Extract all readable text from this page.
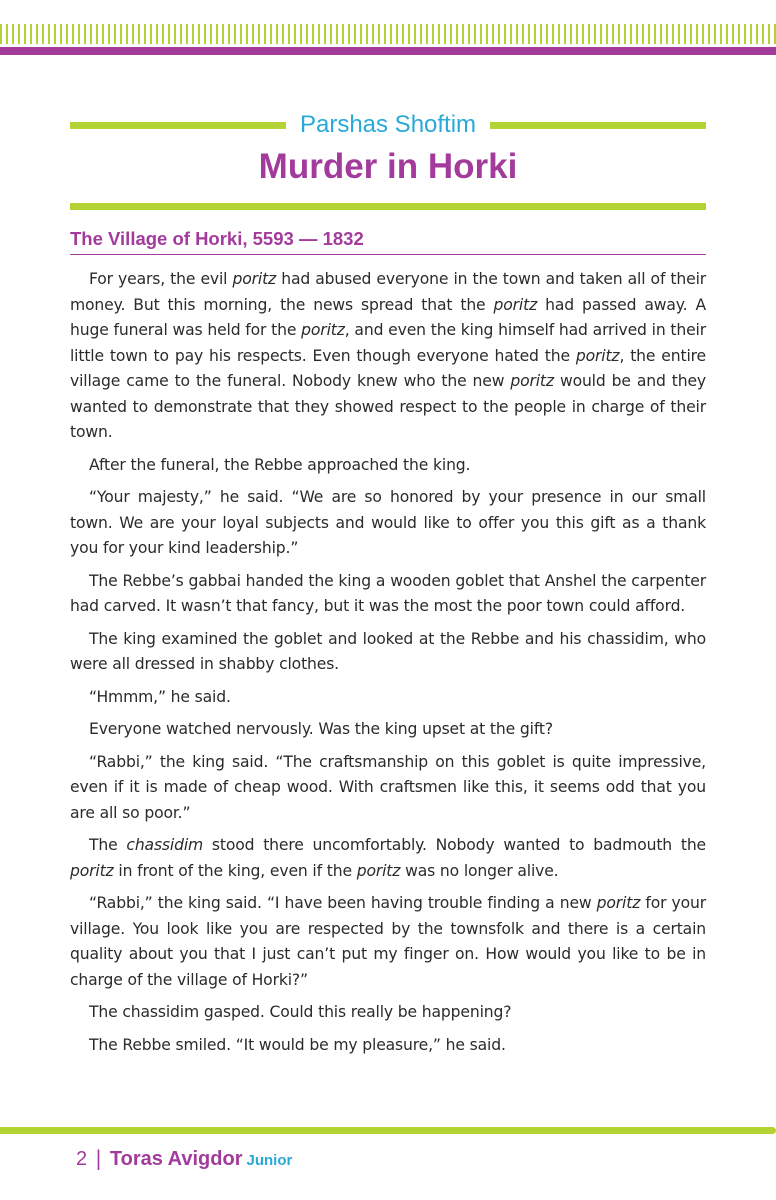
Parshas Shoftim
Murder in Horki
The Village of Horki, 5593 — 1832

For years, the evil poritz had abused everyone in the town and taken all of their money. But this morning, the news spread that the poritz had passed away. A huge funeral was held for the poritz, and even the king himself had arrived in their little town to pay his respects. Even though everyone hated the poritz, the entire village came to the funeral. Nobody knew who the new poritz would be and they wanted to demonstrate that they showed respect to the people in charge of their town.

After the funeral, the Rebbe approached the king.

“Your majesty,” he said. “We are so honored by your presence in our small town. We are your loyal subjects and would like to offer you this gift as a thank you for your kind leadership.”

The Rebbe’s gabbai handed the king a wooden goblet that Anshel the carpenter had carved. It wasn’t that fancy, but it was the most the poor town could afford.

The king examined the goblet and looked at the Rebbe and his chassidim, who were all dressed in shabby clothes.

“Hmmm,” he said.

Everyone watched nervously. Was the king upset at the gift?

“Rabbi,” the king said. “The craftsmanship on this goblet is quite impressive, even if it is made of cheap wood. With craftsmen like this, it seems odd that you are all so poor.”

The chassidim stood there uncomfortably. Nobody wanted to badmouth the poritz in front of the king, even if the poritz was no longer alive.

“Rabbi,” the king said. “I have been having trouble finding a new poritz for your village. You look like you are respected by the townsfolk and there is a certain quality about you that I just can’t put my finger on. How would you like to be in charge of the village of Horki?”

The chassidim gasped. Could this really be happening?

The Rebbe smiled. “It would be my pleasure,” he said.

2 | Toras Avigdor Junior
